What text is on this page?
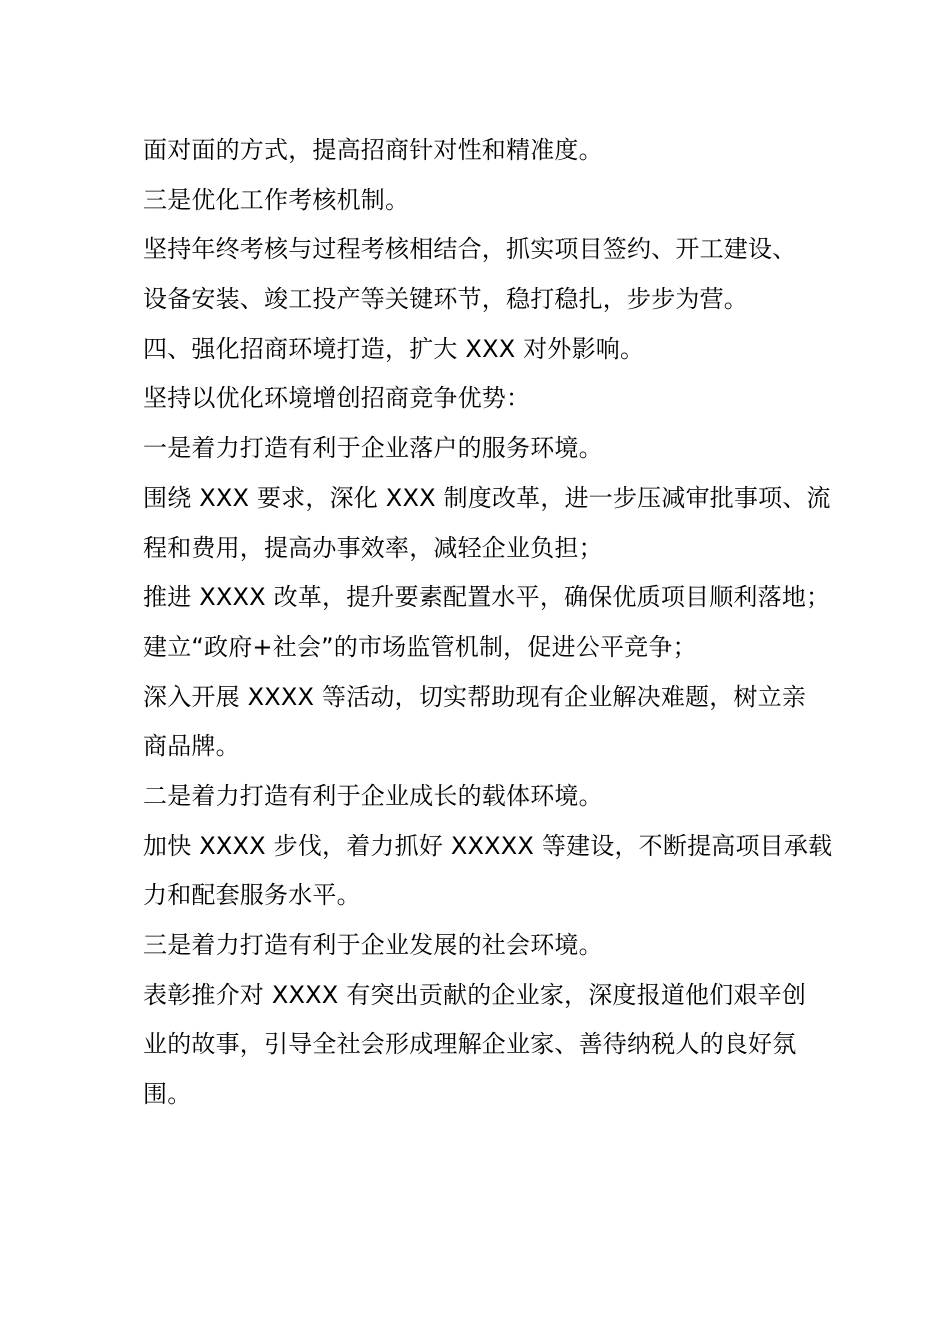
面对面的方式，提高招商针对性和精准度。
三是优化工作考核机制。
坚持年终考核与过程考核相结合，抓实项目签约、开工建设、
设备安装、竣工投产等关键环节，稳打稳扎，步步为营。
四、强化招商环境打造，扩大 XXX 对外影响。
坚持以优化环境增创招商竞争优势：
一是着力打造有利于企业落户的服务环境。
围绕 XXX 要求，深化 XXX 制度改革，进一步压减审批事项、流
程和费用，提高办事效率，减轻企业负担；
推进 XXXX 改革，提升要素配置水平，确保优质项目顺利落地；
建立“政府+社会”的市场监管机制，促进公平竞争；
深入开展 XXXX 等活动，切实帮助现有企业解决难题，树立亲
商品牌。
二是着力打造有利于企业成长的载体环境。
加快 XXXX 步伐，着力抓好 XXXXX 等建设，不断提高项目承载
力和配套服务水平。
三是着力打造有利于企业发展的社会环境。
表彰推介对 XXXX 有突出贡献的企业家，深度报道他们艰辛创
业的故事，引导全社会形成理解企业家、善待纳税人的良好氛
围。
